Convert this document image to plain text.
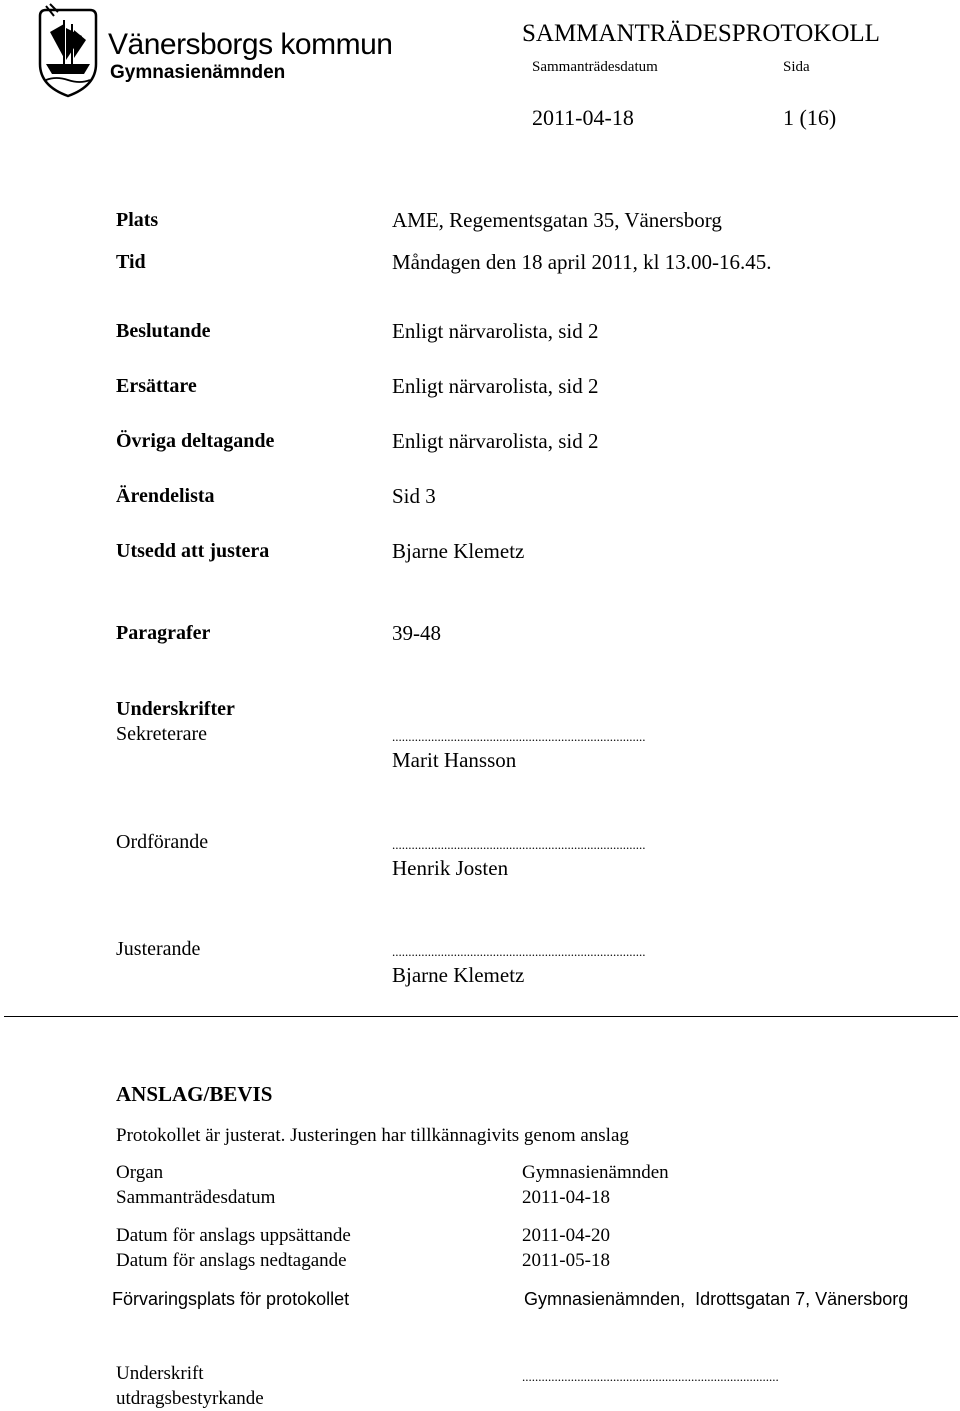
Vänersborgs kommun
Gymnasienämnden
SAMMANTRÄDESPROTOKOLL
Sammanträdesdatum	Sida
2011-04-18	1 (16)
Plats	AME, Regementsgatan 35, Vänersborg
Tid	Måndagen den 18 april 2011, kl 13.00-16.45.
Beslutande	Enligt närvarolista, sid 2
Ersättare	Enligt närvarolista, sid 2
Övriga deltagande	Enligt närvarolista, sid 2
Ärendelista	Sid 3
Utsedd att justera	Bjarne Klemetz
Paragrafer	39-48
Underskrifter
Sekreterare	..............................................................................
Marit Hansson
Ordförande	..............................................................................
Henrik Josten
Justerande	..............................................................................
Bjarne Klemetz
ANSLAG/BEVIS
Protokollet är justerat. Justeringen har tillkännagivits genom anslag
Organ	Gymnasienämnden
Sammanträdesdatum	2011-04-18
Datum för anslags uppsättande	2011-04-20
Datum för anslags nedtagande	2011-05-18
Förvaringsplats för protokollet	Gymnasienämnden,  Idrottsgatan 7, Vänersborg
Underskrift
utdragsbestyrkande
...............................................................................
